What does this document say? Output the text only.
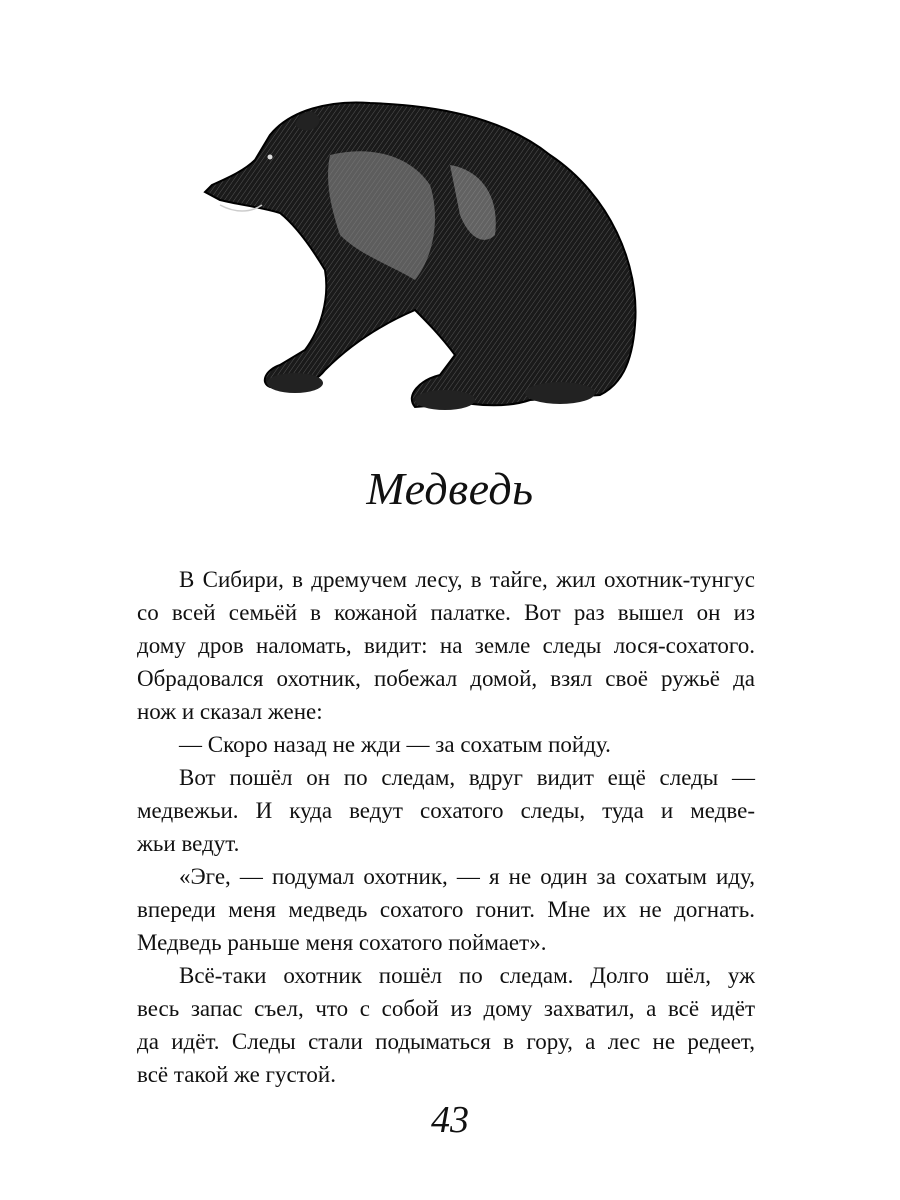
Медведь
В Сибири, в дремучем лесу, в тайге, жил охотник-тунгус
со всей семьёй в кожаной палатке. Вот раз вышел он из
дому дров наломать, видит: на земле следы лося-сохатого.
Обрадовался охотник, побежал домой, взял своё ружьё да
нож и сказал жене:
— Скоро назад не жди — за сохатым пойду.
Вот пошёл он по следам, вдруг видит ещё следы —
медвежьи. И куда ведут сохатого следы, туда и медве-
жьи ведут.
«Эге, — подумал охотник, — я не один за сохатым иду,
впереди меня медведь сохатого гонит. Мне их не догнать.
Медведь раньше меня сохатого поймает».
Всё-таки охотник пошёл по следам. Долго шёл, уж
весь запас съел, что с собой из дому захватил, а всё идёт
да идёт. Следы стали подыматься в гору, а лес не редеет,
всё такой же густой.
43
